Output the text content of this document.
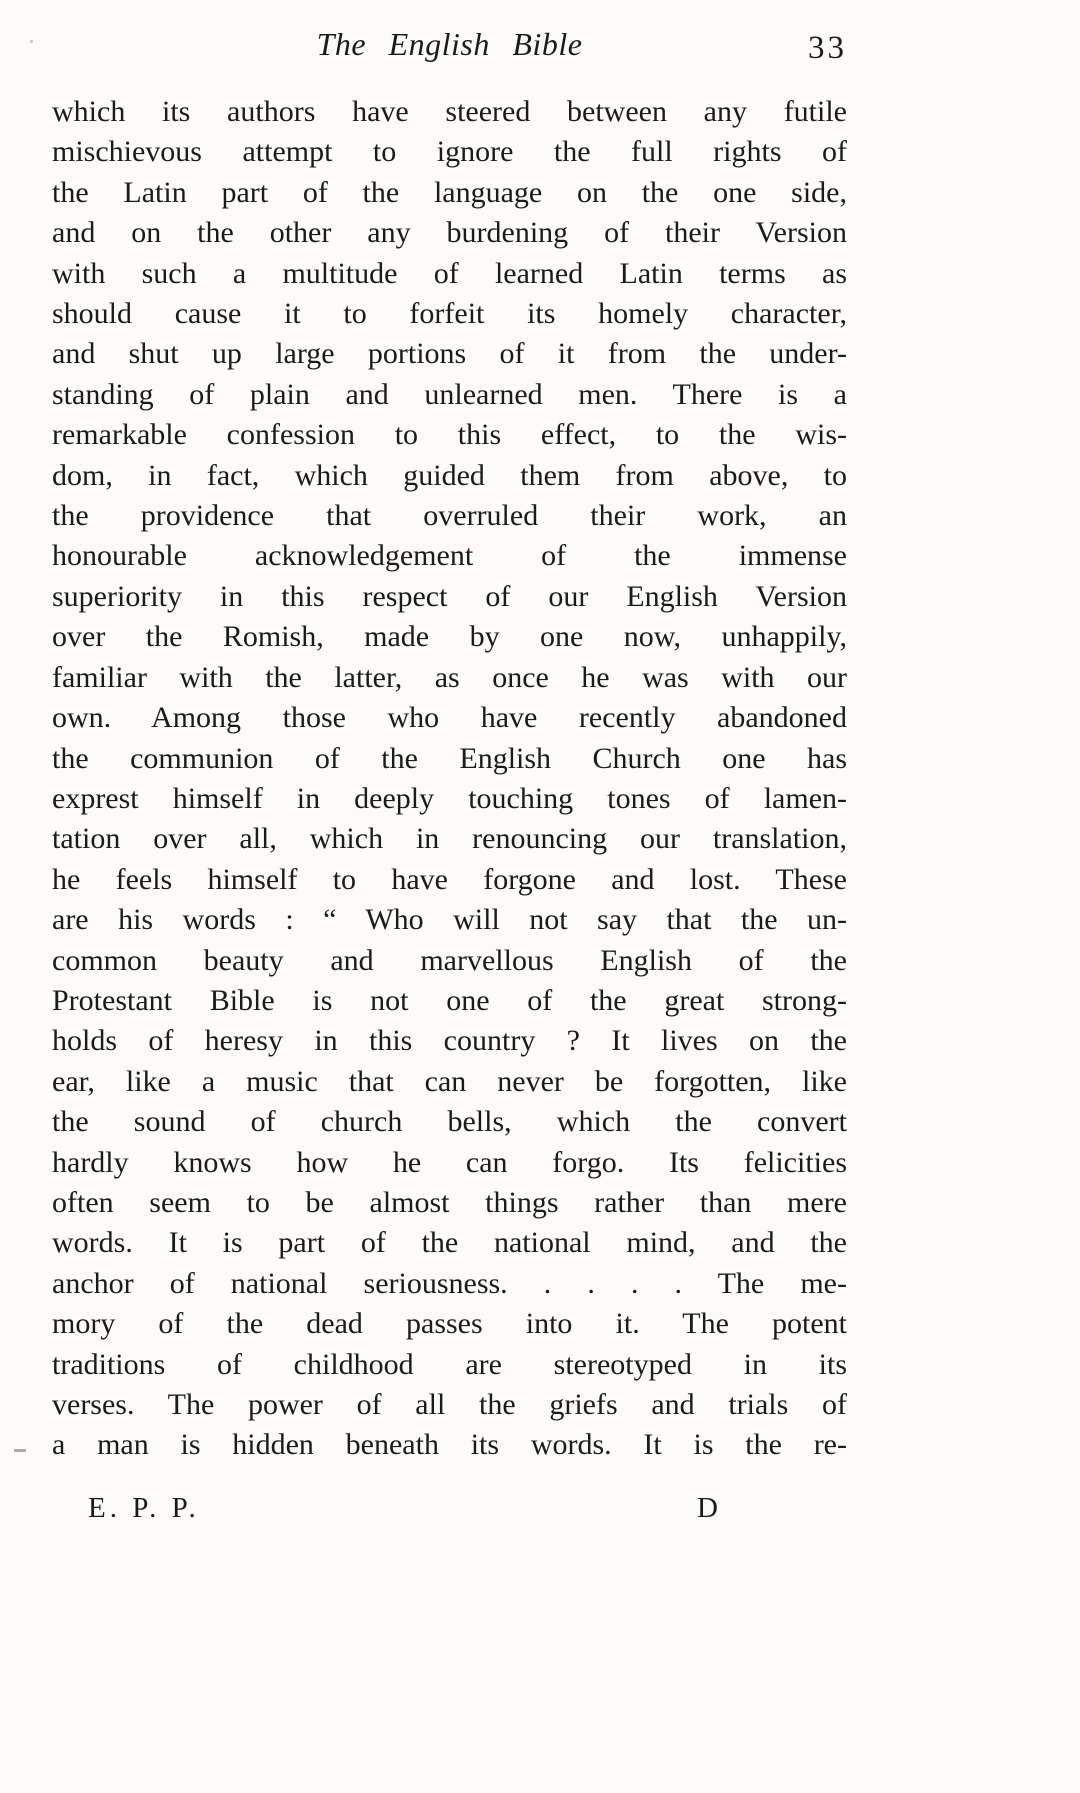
The English Bible	33
which its authors have steered between any futile
mischievous attempt to ignore the full rights of
the Latin part of the language on the one side,
and on the other any burdening of their Version
with such a multitude of learned Latin terms as
should cause it to forfeit its homely character,
and shut up large portions of it from the under-
standing of plain and unlearned men. There is a
remarkable confession to this effect, to the wis-
dom, in fact, which guided them from above, to
the providence that overruled their work, an
honourable acknowledgement of the immense
superiority in this respect of our English Version
over the Romish, made by one now, unhappily,
familiar with the latter, as once he was with our
own. Among those who have recently abandoned
the communion of the English Church one has
exprest himself in deeply touching tones of lamen-
tation over all, which in renouncing our translation,
he feels himself to have forgone and lost. These
are his words : “ Who will not say that the un-
common beauty and marvellous English of the
Protestant Bible is not one of the great strong-
holds of heresy in this country ? It lives on the
ear, like a music that can never be forgotten, like
the sound of church bells, which the convert
hardly knows how he can forgo. Its felicities
often seem to be almost things rather than mere
words. It is part of the national mind, and the
anchor of national seriousness. . . . . The me-
mory of the dead passes into it. The potent
traditions of childhood are stereotyped in its
verses. The power of all the griefs and trials of
a man is hidden beneath its words. It is the re-
E. P. P.	D
